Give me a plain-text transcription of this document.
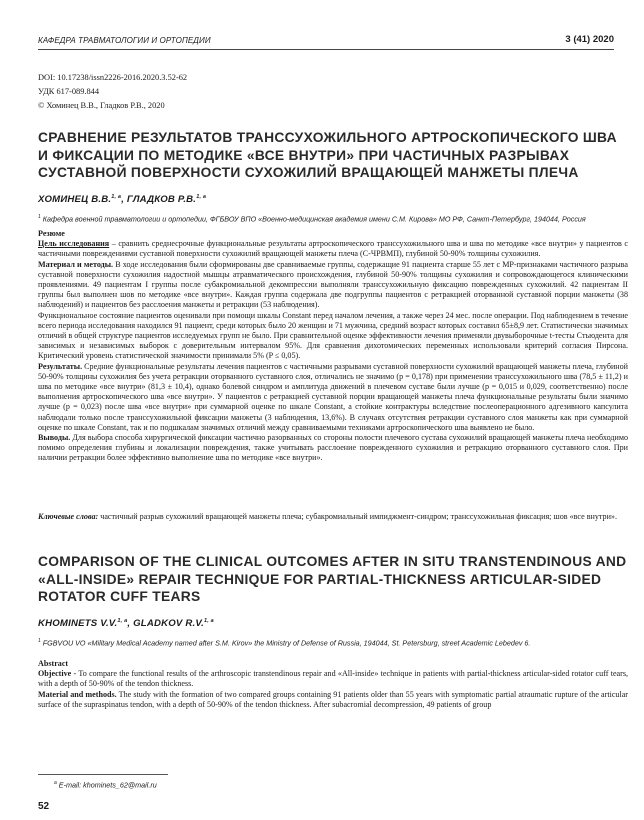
КАФЕДРА ТРАВМАТОЛОГИИ И ОРТОПЕДИИ	3 (41) 2020
DOI: 10.17238/issn2226-2016.2020.3.52-62
УДК 617-089.844
© Хоминец В.В., Гладков Р.В., 2020
СРАВНЕНИЕ РЕЗУЛЬТАТОВ ТРАНССУХОЖИЛЬНОГО АРТРОСКОПИЧЕСКОГО ШВА И ФИКСАЦИИ ПО МЕТОДИКЕ «ВСЕ ВНУТРИ» ПРИ ЧАСТИЧНЫХ РАЗРЫВАХ СУСТАВНОЙ ПОВЕРХНОСТИ СУХОЖИЛИЙ ВРАЩАЮЩЕЙ МАНЖЕТЫ ПЛЕЧА
ХОМИНЕЦ В.В.$^{1, a}$, ГЛАДКОВ Р.В.$^{1, a}$
$^1$ Кафедра военной травматологии и ортопедии, ФГБВОУ ВПО «Военно-медицинская академия имени С.М. Кирова» МО РФ, Санкт-Петербург, 194044, Россия

Резюме

Цель исследования – сравнить среднесрочные функциональные результаты артроскопического транссухожильного шва и шва по методике «все внутри» у пациентов с частичными повреждениями суставной поверхности сухожилий вращающей манжеты плеча (С-ЧРВМП), глубиной 50-90% толщины сухожилия.

Материал и методы. В ходе исследования были сформированы две сравниваемые группы, содержащие 91 пациента старше 55 лет с МР-признаками частичного разрыва суставной поверхности сухожилия надостной мышцы атравматического происхождения, глубиной 50-90% толщины сухожилия и сопровождающегося клиническими проявлениями. 49 пациентам I группы после субакромиальной декомпрессии выполняли транссухожильную фиксацию поврежденных сухожилий. 42 пациентам II группы был выполнен шов по методике «все внутри». Каждая группа содержала две подгруппы пациентов с ретракцией оторванной суставной порции манжеты (38 наблюдений) и пациентов без расслоения манжеты и ретракции (53 наблюдения).

Функциональное состояние пациентов оценивали при помощи шкалы Constant перед началом лечения, а также через 24 мес. после операции. Под наблюдением в течение всего периода исследования находился 91 пациент, среди которых было 20 женщин и 71 мужчина, средний возраст которых составил 65±8,9 лет. Статистически значимых отличий в общей структуре пациентов исследуемых групп не было. При сравнительной оценке эффективности лечения применяли двувыборочные t-тесты Стьюдента для зависимых и независимых выборок с доверительным интервалом 95%. Для сравнения дихотомических переменных использовали критерий согласия Пирсона. Критический уровень статистической значимости принимали 5% (P ≤ 0,05).

Результаты. Средние функциональные результаты лечения пациентов с частичными разрывами суставной поверхности сухожилий вращающей манжеты плеча, глубиной 50-90% толщины сухожилия без учета ретракции оторванного суставного слоя, отличались не значимо (р = 0,178) при применении транссухожильного шва (78,5 ± 11,2) и шва по методике «все внутри» (81,3 ± 10,4), однако болевой синдром и амплитуда движений в плечевом суставе были лучше (р = 0,015 и 0,029, соответственно) после выполнения артроскопического шва «все внутри». У пациентов с ретракцией суставной порции вращающей манжеты плеча функциональные результаты были значимо лучше (р = 0,023) после шва «все внутри» при суммарной оценке по шкале Constant, а стойкие контрактуры вследствие послеоперационного адгезивного капсулита наблюдали только после транссухожильной фиксации манжеты (3 наблюдения, 13,6%). В случаях отсутствия ретракции суставного слоя манжеты как при суммарной оценке по шкале Constant, так и по подшкалам значимых отличий между сравниваемыми техниками артроскопического шва выявлено не было.

Выводы. Для выбора способа хирургической фиксации частично разорванных со стороны полости плечевого сустава сухожилий вращающей манжеты плеча необходимо помимо определения глубины и локализации повреждения, также учитывать расслоение поврежденного сухожилия и ретракцию оторванного суставного слоя. При наличии ретракции более эффективно выполнение шва по методике «все внутри».

Ключевые слова: частичный разрыв сухожилий вращающей манжеты плеча; субакромиальный импиджмент-синдром; транссухожильная фиксация; шов «все внутри».
COMPARISON OF THE CLINICAL OUTCOMES AFTER IN SITU TRANSTENDINOUS AND «ALL-INSIDE» REPAIR TECHNIQUE FOR PARTIAL-THICKNESS ARTICULAR-SIDED ROTATOR CUFF TEARS
KHOMINETS V.V.$^{1, a}$, GLADKOV R.V.$^{1, a}$
$^1$ FGBVOU VO «Military Medical Academy named after S.M. Kirov» the Ministry of Defense of Russia, 194044, St. Petersburg, street Academic Lebedev 6.

Abstract

Objective - To compare the functional results of the arthroscopic transtendinous repair and «All-inside» technique in patients with partial-thickness articular-sided rotator cuff tears, with a depth of 50-90% of the tendon thickness.

Material and methods. The study with the formation of two compared groups containing 91 patients older than 55 years with symptomatic partial atraumatic rupture of the articular surface of the supraspinatus tendon, with a depth of 50-90% of the tendon thickness. After subacromial decompression, 49 patients of group

$^a$ E-mail: khominets_62@mail.ru
52
